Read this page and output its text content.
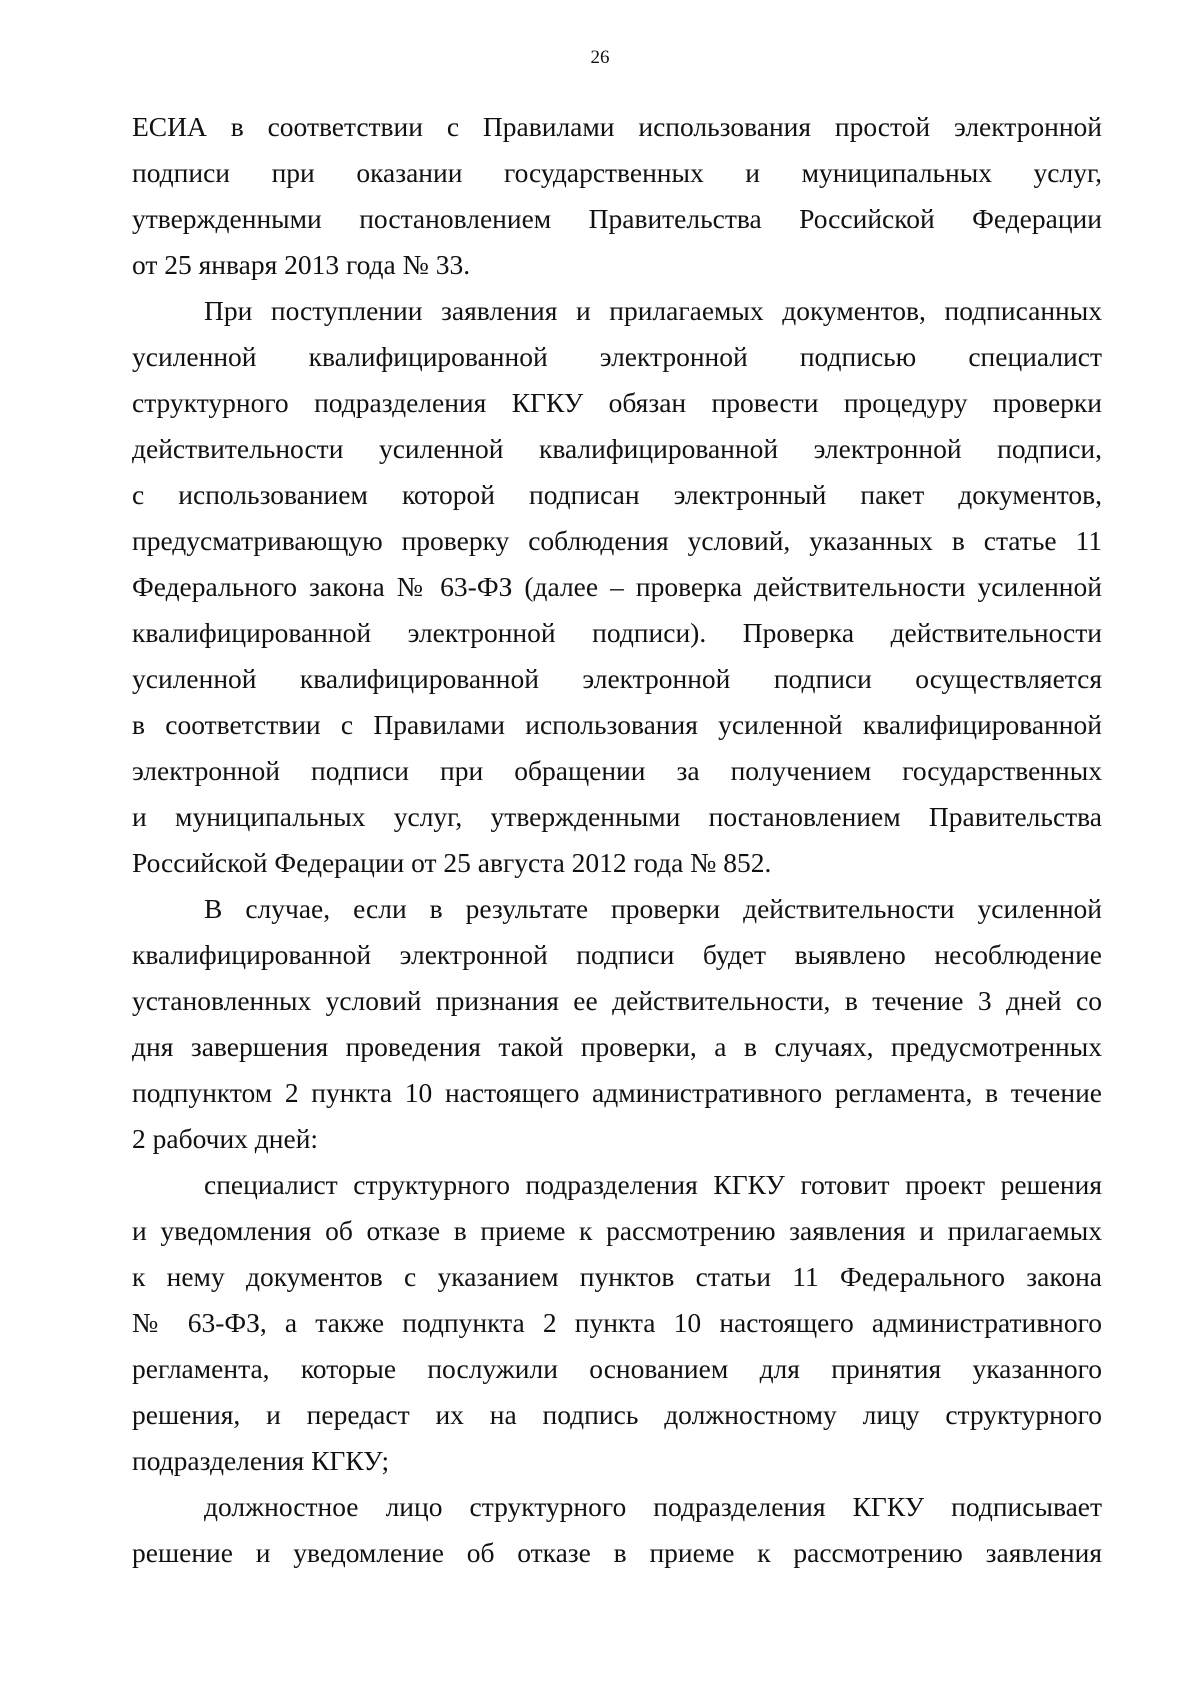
26
ЕСИА в соответствии с Правилами использования простой электронной
подписи при оказании государственных и муниципальных услуг,
утвержденными постановлением Правительства Российской Федерации
от 25 января 2013 года № 33.
При поступлении заявления и прилагаемых документов, подписанных
усиленной квалифицированной электронной подписью специалист
структурного подразделения КГКУ обязан провести процедуру проверки
действительности усиленной квалифицированной электронной подписи,
с использованием которой подписан электронный пакет документов,
предусматривающую проверку соблюдения условий, указанных в статье 11
Федерального закона № 63-ФЗ (далее – проверка действительности усиленной
квалифицированной электронной подписи). Проверка действительности
усиленной квалифицированной электронной подписи осуществляется
в соответствии с Правилами использования усиленной квалифицированной
электронной подписи при обращении за получением государственных
и муниципальных услуг, утвержденными постановлением Правительства
Российской Федерации от 25 августа 2012 года № 852.
В случае, если в результате проверки действительности усиленной
квалифицированной электронной подписи будет выявлено несоблюдение
установленных условий признания ее действительности, в течение 3 дней со
дня завершения проведения такой проверки, а в случаях, предусмотренных
подпунктом 2 пункта 10 настоящего административного регламента, в течение
2 рабочих дней:
специалист структурного подразделения КГКУ готовит проект решения
и уведомления об отказе в приеме к рассмотрению заявления и прилагаемых
к нему документов с указанием пунктов статьи 11 Федерального закона
№ 63-ФЗ, а также подпункта 2 пункта 10 настоящего административного
регламента, которые послужили основанием для принятия указанного
решения, и передаст их на подпись должностному лицу структурного
подразделения КГКУ;
должностное лицо структурного подразделения КГКУ подписывает
решение и уведомление об отказе в приеме к рассмотрению заявления
